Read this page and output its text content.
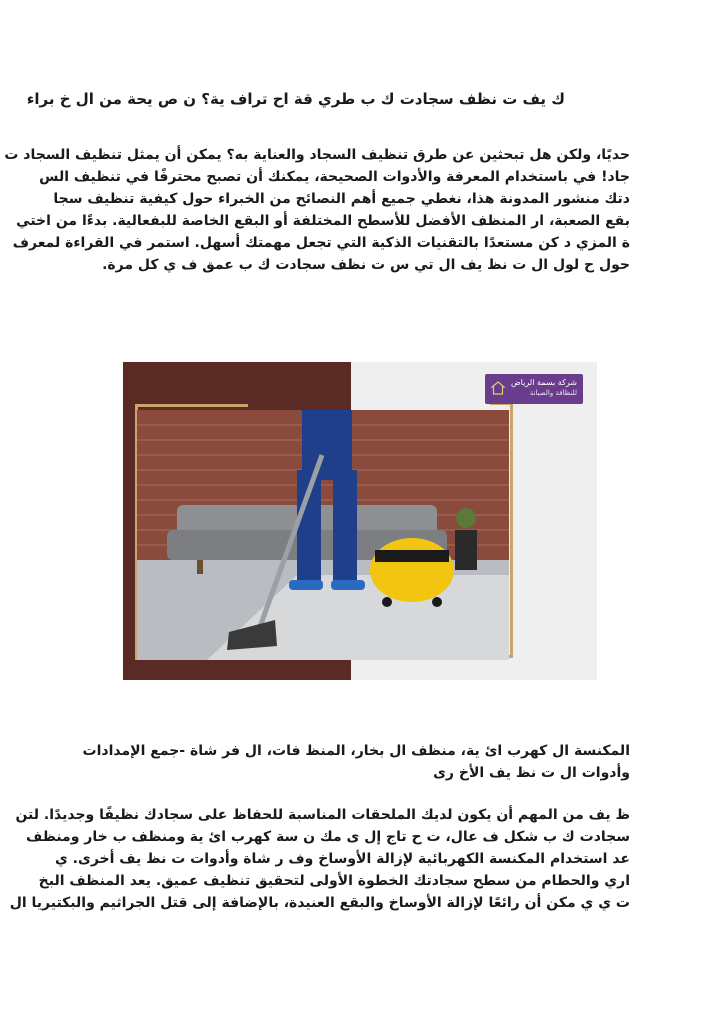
ك يف ت نظف سجادت ك ب طري قة اح تراف ية؟ ن ص يحة من ال خ براء
حديًا، ولكن هل تبحثين عن طرق تنظيف السجاد والعناية به؟ يمكن أن يمثل تنظيف السجاد ت
جاد! في باستخدام المعرفة والأدوات الصحيحة، يمكنك أن تصبح محترفًا في تنظيف الس
دتك منشور المدونة هذا، نغطي جميع أهم النصائح من الخبراء حول كيفية تنظيف سجا
بقع الصعبة، ار المنظف الأفضل للأسطح المختلفة أو البقع الخاصة للبفعالية. بدءًا من اختي
ة المزي د كن مستعدًا بالتقنيات الذكية التي تجعل مهمتك أسهل. استمر في القراءة لمعرف
حول ح لول ال ت نظ يف ال تي س ت نظف سجادت ك ب عمق ف ي كل مرة.
شركة بسمة الرياض
للنظافة والصيانة
المكنسة ال كهرب ائ ية، منظف ال بخار، المنظ فات، ال فر شاة -جمع الإمدادات
وأدوات ال ت نظ يف الأخ رى
ظ يف من المهم أن يكون لديك الملحقات المناسبة للحفاظ على سجادك نظيفًا وجديدًا. لتن
سجادت ك ب شكل ف عال، ت ح تاج إل ى مك ن سة كهرب ائ ية ومنظف ب خار ومنظف
عد استخدام المكنسة الكهربائية لإزالة الأوساخ وف ر شاة وأدوات ت نظ يف أخرى. ي
اري والحطام من سطح سجادتك الخطوة الأولى لتحقيق تنظيف عميق. يعد المنظف البخ
ت ي ي مكن أن رائعًا لإزالة الأوساخ والبقع العنيدة، بالإضافة إلى قتل الجراثيم والبكتيريا ال
